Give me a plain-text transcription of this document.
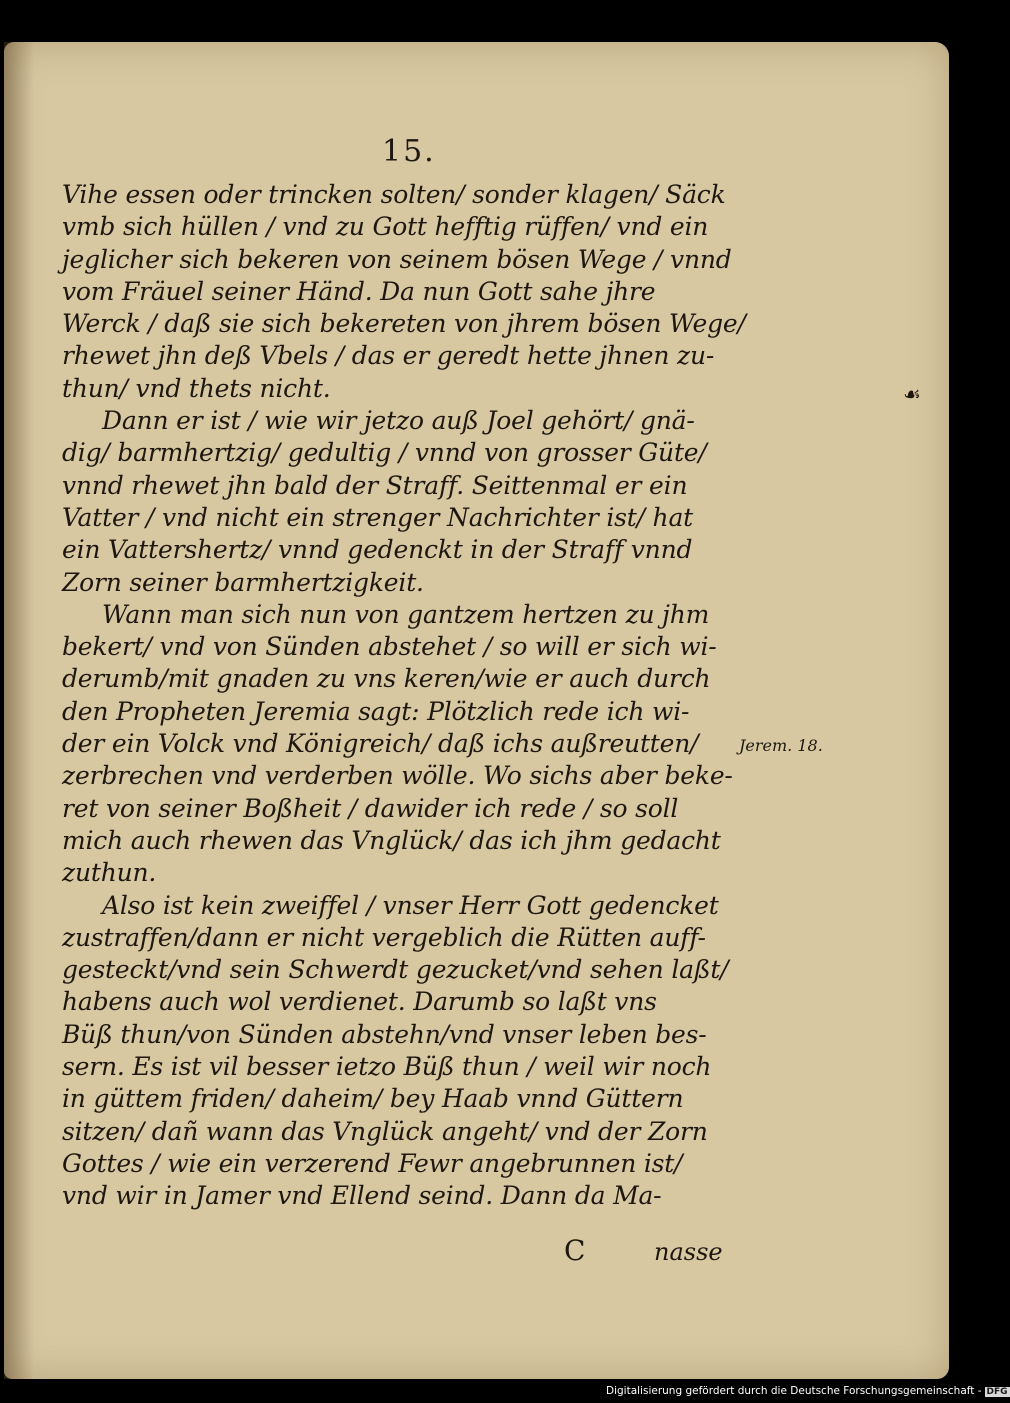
15.
Vihe essen oder trincken solten/ sonder klagen/ Säck
vmb sich hüllen / vnd zu Gott hefftig rüffen/ vnd ein
jeglicher sich bekeren von seinem bösen Wege / vnnd
vom Fräuel seiner Händ. Da nun Gott sahe jhre
Werck / daß sie sich bekereten von jhrem bösen Wege/
rhewet jhn deß Vbels / das er geredt hette jhnen zu-
thun/ vnd thets nicht.
Dann er ist / wie wir jetzo auß Joel gehört/ gnä-
dig/ barmhertzig/ gedultig / vnnd von grosser Güte/
vnnd rhewet jhn bald der Straff. Seittenmal er ein
Vatter / vnd nicht ein strenger Nachrichter ist/ hat
ein Vattershertz/ vnnd gedenckt in der Straff vnnd
Zorn seiner barmhertzigkeit.
Wann man sich nun von gantzem hertzen zu jhm
bekert/ vnd von Sünden abstehet / so will er sich wi-
derumb/mit gnaden zu vns keren/wie er auch durch
den Propheten Jeremia sagt: Plötzlich rede ich wi-
der ein Volck vnd Königreich/ daß ichs außreutten/
zerbrechen vnd verderben wölle. Wo sichs aber beke-
ret von seiner Boßheit / dawider ich rede / so soll
mich auch rhewen das Vnglück/ das ich jhm gedacht
zuthun.
Also ist kein zweiffel / vnser Herr Gott gedencket
zustraffen/dann er nicht vergeblich die Rütten auff-
gesteckt/vnd sein Schwerdt gezucket/vnd sehen laßt/
habens auch wol verdienet. Darumb so laßt vns
Büß thun/von Sünden abstehn/vnd vnser leben bes-
sern. Es ist vil besser ietzo Büß thun / weil wir noch
in güttem friden/ daheim/ bey Haab vnnd Güttern
sitzen/ dañ wann das Vnglück angeht/ vnd der Zorn
Gottes / wie ein verzerend Fewr angebrunnen ist/
vnd wir in Jamer vnd Ellend seind. Dann da Ma-
☙
Jerem. 18.
C	nasse
Digitalisierung gefördert durch die Deutsche Forschungsgemeinschaft - DFG
